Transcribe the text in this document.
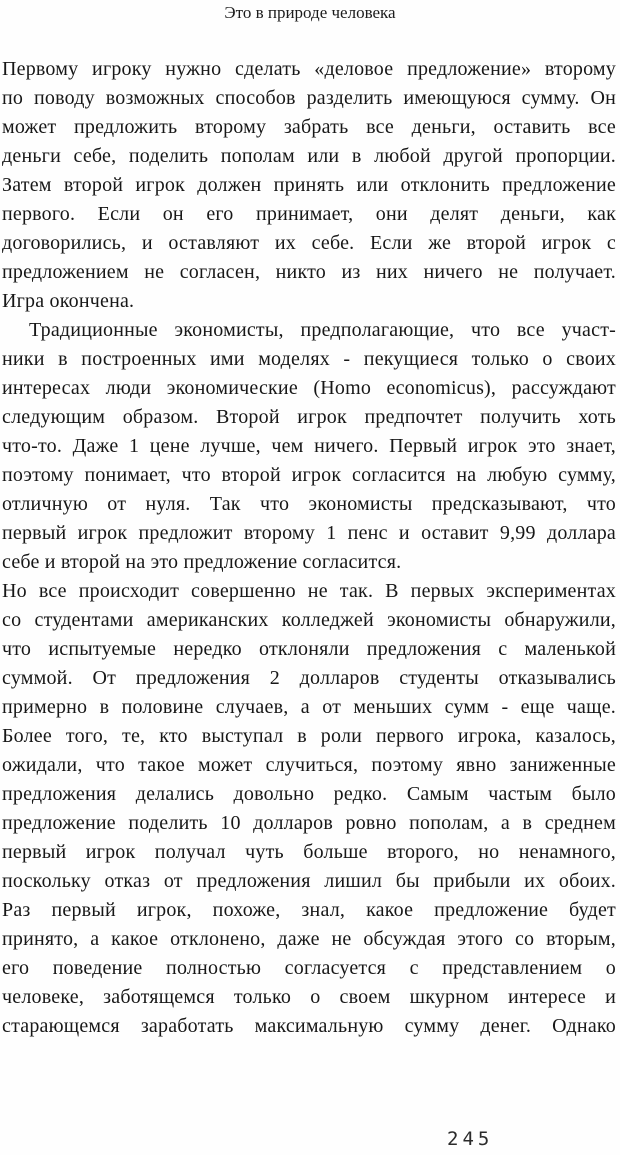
Это в природе человека
Первому игроку нужно сделать «деловое предложение» второму
по поводу возможных способов разделить имеющуюся сумму. Он
может предложить второму забрать все деньги, оставить все
деньги себе, поделить пополам или в любой другой пропорции.
Затем второй игрок должен принять или отклонить предложение
первого. Если он его принимает, они делят деньги, как
договорились, и оставляют их себе. Если же второй игрок с
предложением не согласен, никто из них ничего не получает.
Игра окончена.
Традиционные экономисты, предполагающие, что все участ-
ники в построенных ими моделях - пекущиеся только о своих
интересах люди экономические (Homo economicus), рассуждают
следующим образом. Второй игрок предпочтет получить хоть
что-то. Даже 1 цене лучше, чем ничего. Первый игрок это знает,
поэтому понимает, что второй игрок согласится на любую сумму,
отличную от нуля. Так что экономисты предсказывают, что
первый игрок предложит второму 1 пенс и оставит 9,99 доллара
себе и второй на это предложение согласится.
Но все происходит совершенно не так. В первых экспериментах
со студентами американских колледжей экономисты обнаружили,
что испытуемые нередко отклоняли предложения с маленькой
суммой. От предложения 2 долларов студенты отказывались
примерно в половине случаев, а от меньших сумм - еще чаще.
Более того, те, кто выступал в роли первого игрока, казалось,
ожидали, что такое может случиться, поэтому явно заниженные
предложения делались довольно редко. Самым частым было
предложение поделить 10 долларов ровно пополам, а в среднем
первый игрок получал чуть больше второго, но ненамного,
поскольку отказ от предложения лишил бы прибыли их обоих.
Раз первый игрок, похоже, знал, какое предложение будет
принято, а какое отклонено, даже не обсуждая этого со вторым,
его поведение полностью согласуется с представлением о
человеке, заботящемся только о своем шкурном интересе и
старающемся заработать максимальную сумму денег. Однако
245
